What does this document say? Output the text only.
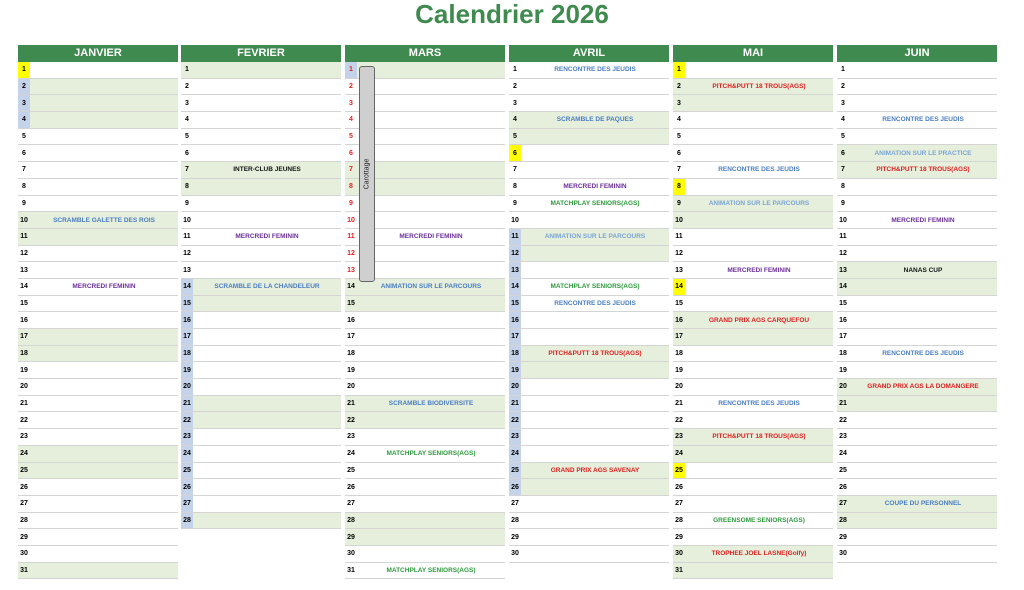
Calendrier 2026
JANVIER
1
2
3
4
5
6
7
8
9
10	SCRAMBLE GALETTE DES ROIS
11
12
13
14	MERCREDI FEMININ
15
16
17
18
19
20
21
22
23
24
25
26
27
28
29
30
31
FEVRIER
1
2
3
4
5
6
7	INTER-CLUB JEUNES
8
9
10
11	MERCREDI FEMININ
12
13
14	SCRAMBLE DE LA CHANDELEUR
15
16
17
18
19
20
21
22
23
24
25
26
27
28
MARS
1
2
3
4
5
6
7
8
9
10
11	MERCREDI FEMININ
12
13
14	ANIMATION SUR LE PARCOURS
15
16
17
18
19
20
21	SCRAMBLE BIODIVERSITE
22
23
24	MATCHPLAY SENIORS(AGS)
25
26
27
28
29
30
31	MATCHPLAY SENIORS(AGS)
AVRIL
1	RENCONTRE DES JEUDIS
2
3
4	SCRAMBLE DE PAQUES
5
6
7
8	MERCREDI FEMININ
9	MATCHPLAY SENIORS(AGS)
10
11	ANIMATION SUR LE PARCOURS
12
13
14	MATCHPLAY SENIORS(AGS)
15	RENCONTRE DES JEUDIS
16
17
18	PITCH&PUTT 18 TROUS(AGS)
19
20
21
22
23
24
25	GRAND PRIX AGS SAVENAY
26
27
28
29
30
MAI
1
2	PITCH&PUTT 18 TROUS(AGS)
3
4
5
6
7	RENCONTRE DES JEUDIS
8
9	ANIMATION SUR LE PARCOURS
10
11
12
13	MERCREDI FEMININ
14
15
16	GRAND PRIX AGS CARQUEFOU
17
18
19
20
21	RENCONTRE DES JEUDIS
22
23	PITCH&PUTT 18 TROUS(AGS)
24
25
26
27
28	GREENSOME SENIORS(AGS)
29
30	TROPHEE JOEL LASNE(Golfy)
31
JUIN
1
2
3
4	RENCONTRE DES JEUDIS
5
6	ANIMATION SUR LE PRACTICE
7	PITCH&PUTT 18 TROUS(AGS)
8
9
10	MERCREDI FEMININ
11
12
13	NANAS CUP
14
15
16
17
18	RENCONTRE DES JEUDIS
19
20	GRAND PRIX AGS LA DOMANGERE
21
22
23
24
25
26
27	COUPE DU PERSONNEL
28
29
30
Carottage
